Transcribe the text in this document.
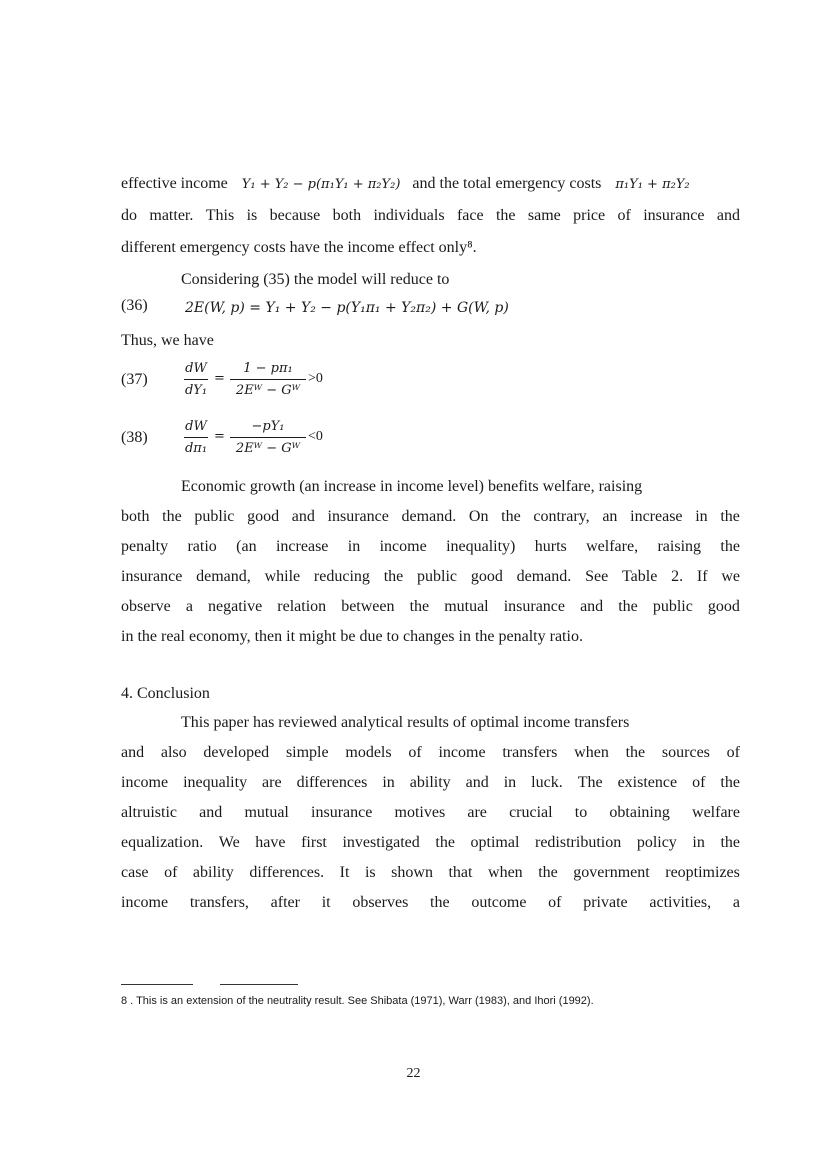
effective income Y₁ + Y₂ − p(π₁Y₁ + π₂Y₂) and the total emergency costs π₁Y₁ + π₂Y₂
do matter. This is because both individuals face the same price of insurance and
different emergency costs have the income effect only⁸.
Considering (35) the model will reduce to
(36)	2E(W, p) = Y₁ + Y₂ − p(Y₁π₁ + Y₂π₂) + G(W, p)
Thus, we have
(37)
dW
dY₁
=
1 − pπ₁
2Eᵂ − Gᵂ
>0
(38)
dW
dπ₁
=
−pY₁
2Eᵂ − Gᵂ
<0
Economic growth (an increase in income level) benefits welfare, raising
both the public good and insurance demand. On the contrary, an increase in the
penalty ratio (an increase in income inequality) hurts welfare, raising the
insurance demand, while reducing the public good demand. See Table 2. If we
observe a negative relation between the mutual insurance and the public good
in the real economy, then it might be due to changes in the penalty ratio.
4. Conclusion
This paper has reviewed analytical results of optimal income transfers
and also developed simple models of income transfers when the sources of
income inequality are differences in ability and in luck. The existence of the
altruistic and mutual insurance motives are crucial to obtaining welfare
equalization. We have first investigated the optimal redistribution policy in the
case of ability differences. It is shown that when the government reoptimizes
income transfers, after it observes the outcome of private activities, a
8 . This is an extension of the neutrality result. See Shibata (1971), Warr (1983), and Ihori (1992).
22
